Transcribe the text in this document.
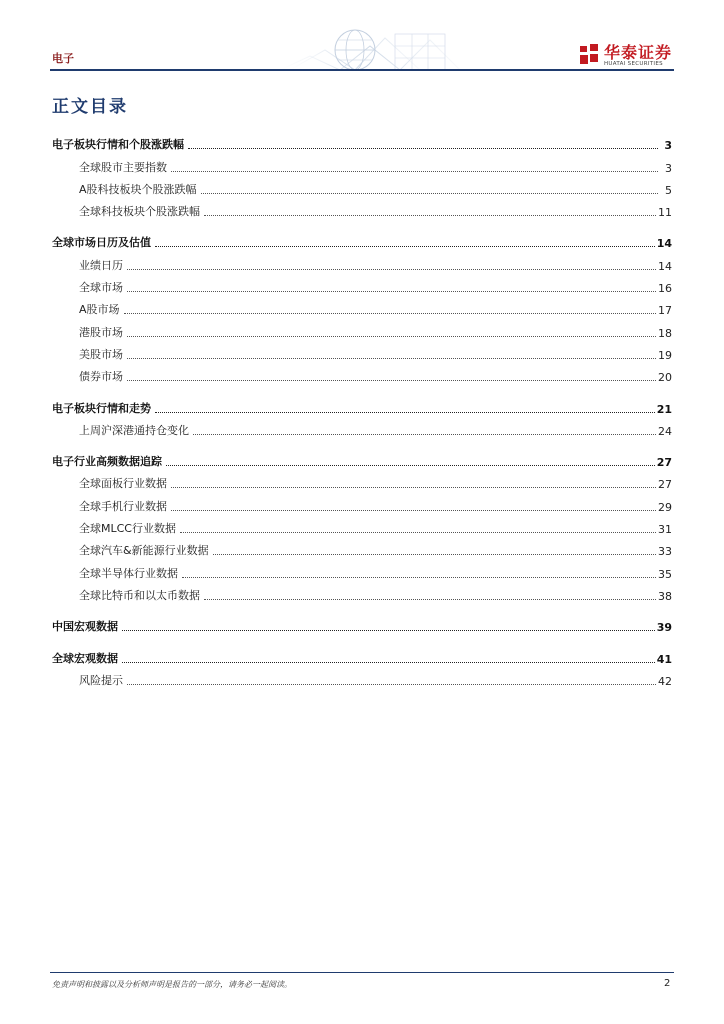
电子	华泰证券
HUATAI SECURITIES
正文目录
电子板块行情和个股涨跌幅	3
全球股市主要指数	3
A股科技板块个股涨跌幅	5
全球科技板块个股涨跌幅	11
全球市场日历及估值	14
业绩日历	14
全球市场	16
A股市场	17
港股市场	18
美股市场	19
债券市场	20
电子板块行情和走势	21
上周沪深港通持仓变化	24
电子行业高频数据追踪	27
全球面板行业数据	27
全球手机行业数据	29
全球MLCC行业数据	31
全球汽车&新能源行业数据	33
全球半导体行业数据	35
全球比特币和以太币数据	38
中国宏观数据	39
全球宏观数据	41
风险提示	42
免责声明和披露以及分析师声明是报告的一部分，请务必一起阅读。	2
